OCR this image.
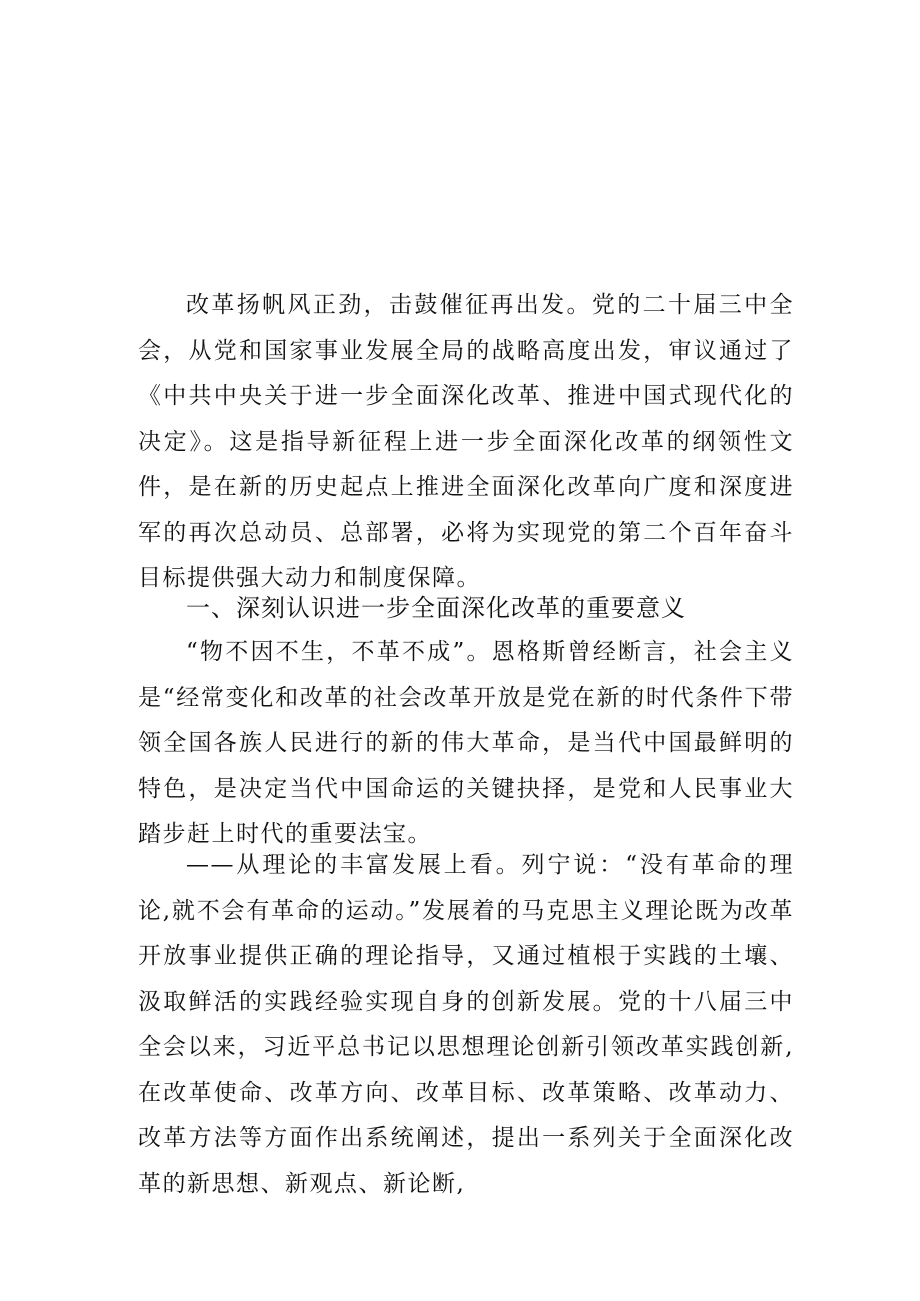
改革扬帆风正劲，击鼓催征再出发。党的二十届三中全会，从党和国家事业发展全局的战略高度出发，审议通过了《中共中央关于进一步全面深化改革、推进中国式现代化的决定》。这是指导新征程上进一步全面深化改革的纲领性文件，是在新的历史起点上推进全面深化改革向广度和深度进军的再次总动员、总部署，必将为实现党的第二个百年奋斗目标提供强大动力和制度保障。

一、深刻认识进一步全面深化改革的重要意义

“物不因不生，不革不成”。恩格斯曾经断言，社会主义是“经常变化和改革的社会改革开放是党在新的时代条件下带领全国各族人民进行的新的伟大革命，是当代中国最鲜明的特色，是决定当代中国命运的关键抉择，是党和人民事业大踏步赶上时代的重要法宝。

——从理论的丰富发展上看。列宁说：“没有革命的理论,就不会有革命的运动。”发展着的马克思主义理论既为改革开放事业提供正确的理论指导，又通过植根于实践的土壤、汲取鲜活的实践经验实现自身的创新发展。党的十八届三中全会以来，习近平总书记以思想理论创新引领改革实践创新,在改革使命、改革方向、改革目标、改革策略、改革动力、改革方法等方面作出系统阐述，提出一系列关于全面深化改革的新思想、新观点、新论断,
